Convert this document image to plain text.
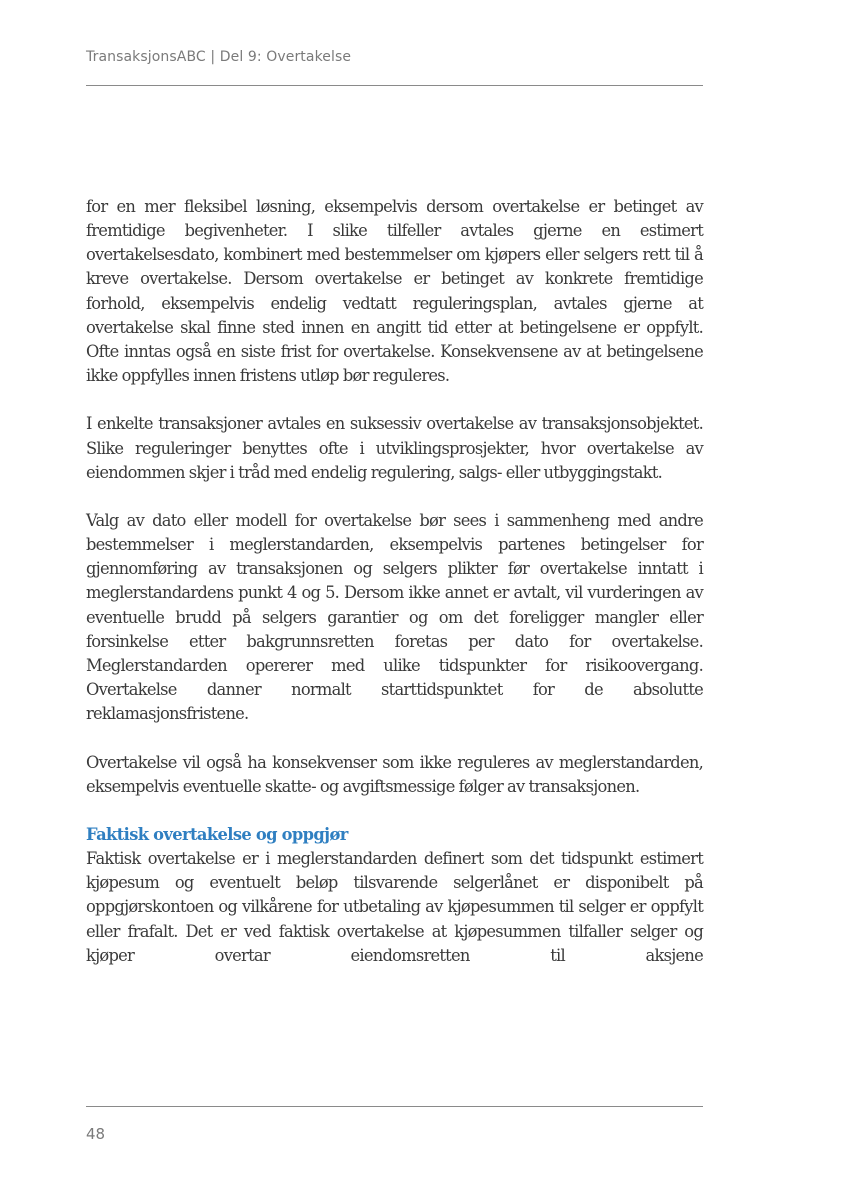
TransaksjonsABC | Del 9: Overtakelse

for en mer fleksibel løsning, eksempelvis dersom overtakelse er betinget av fremtidige begivenheter. I slike tilfeller avtales gjerne en estimert overtakelsesdato, kombinert med bestemmelser om kjøpers eller selgers rett til å kreve overtakelse. Dersom overtakelse er betinget av konkrete fremtidige forhold, eksempelvis endelig vedtatt reguleringsplan, avtales gjerne at overtakelse skal finne sted innen en angitt tid etter at betingelsene er oppfylt. Ofte inntas også en siste frist for overtakelse. Konsekvensene av at betingelsene ikke oppfylles innen fristens utløp bør reguleres.

I enkelte transaksjoner avtales en suksessiv overtakelse av transaksjonsobjektet. Slike reguleringer benyttes ofte i utviklingsprosjekter, hvor overtakelse av eiendommen skjer i tråd med endelig regulering, salgs- eller utbyggingstakt.

Valg av dato eller modell for overtakelse bør sees i sammenheng med andre bestemmelser i meglerstandarden, eksempelvis partenes betingelser for gjennomføring av transaksjonen og selgers plikter før overtakelse inntatt i meglerstandardens punkt 4 og 5. Dersom ikke annet er avtalt, vil vurderingen av eventuelle brudd på selgers garantier og om det foreligger mangler eller forsinkelse etter bakgrunnsretten foretas per dato for overtakelse. Meglerstandarden opererer med ulike tidspunkter for risikoovergang. Overtakelse danner normalt starttidspunktet for de absolutte reklamasjonsfristene.

Overtakelse vil også ha konsekvenser som ikke reguleres av meglerstandarden, eksempelvis eventuelle skatte- og avgiftsmessige følger av transaksjonen.

Faktisk overtakelse og oppgjør

Faktisk overtakelse er i meglerstandarden definert som det tidspunkt estimert kjøpesum og eventuelt beløp tilsvarende selgerlånet er disponibelt på oppgjørskontoen og vilkårene for utbetaling av kjøpesummen til selger er oppfylt eller frafalt. Det er ved faktisk overtakelse at kjøpesummen tilfaller selger og kjøper overtar eiendomsretten til aksjene

48
